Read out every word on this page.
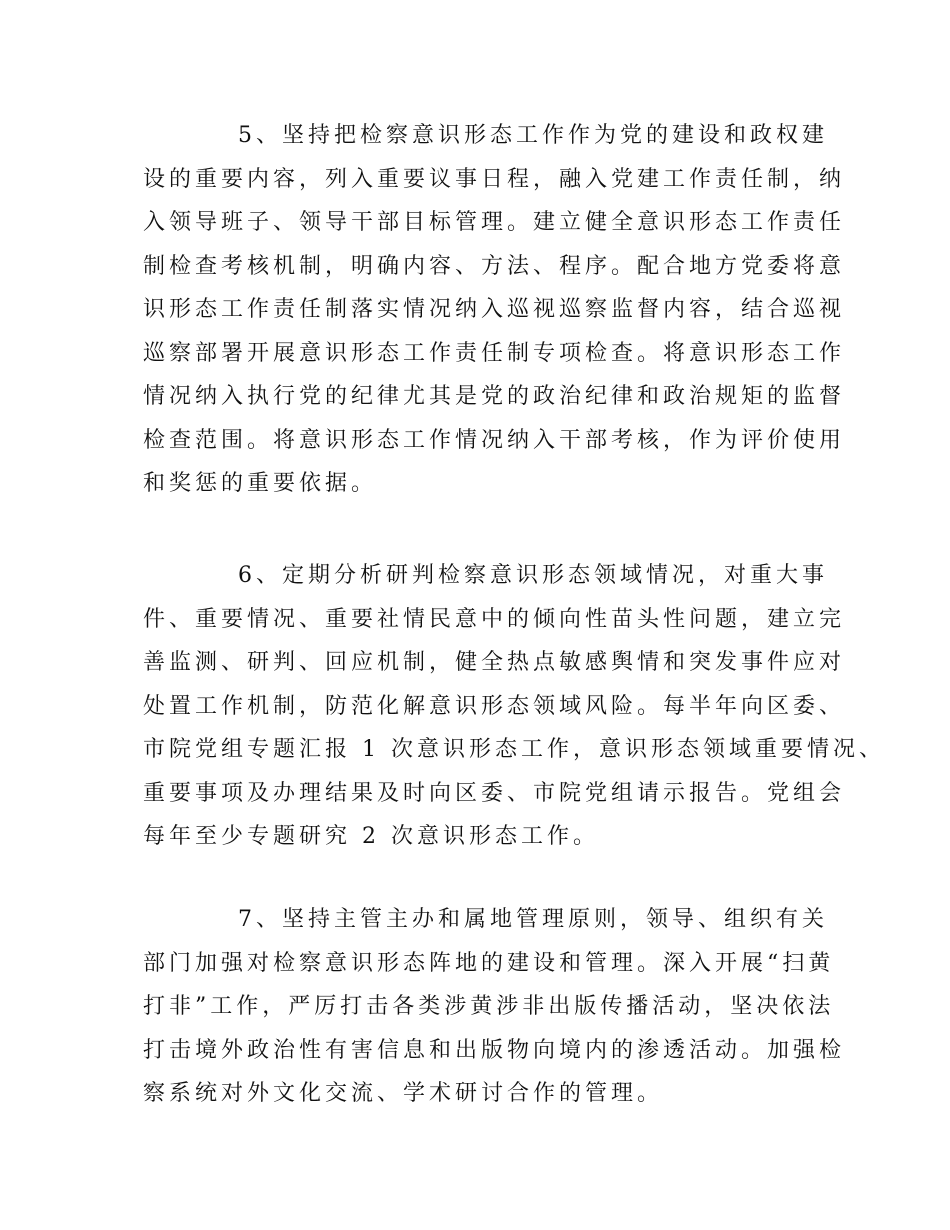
5、坚持把检察意识形态工作作为党的建设和政权建
设的重要内容，列入重要议事日程，融入党建工作责任制，纳
入领导班子、领导干部目标管理。建立健全意识形态工作责任
制检查考核机制，明确内容、方法、程序。配合地方党委将意
识形态工作责任制落实情况纳入巡视巡察监督内容，结合巡视
巡察部署开展意识形态工作责任制专项检查。将意识形态工作
情况纳入执行党的纪律尤其是党的政治纪律和政治规矩的监督
检查范围。将意识形态工作情况纳入干部考核，作为评价使用
和奖惩的重要依据。
6、定期分析研判检察意识形态领域情况，对重大事
件、重要情况、重要社情民意中的倾向性苗头性问题，建立完
善监测、研判、回应机制，健全热点敏感舆情和突发事件应对
处置工作机制，防范化解意识形态领域风险。每半年向区委、
市院党组专题汇报 1 次意识形态工作，意识形态领域重要情况、
重要事项及办理结果及时向区委、市院党组请示报告。党组会
每年至少专题研究 2 次意识形态工作。
7、坚持主管主办和属地管理原则，领导、组织有关
部门加强对检察意识形态阵地的建设和管理。深入开展“扫黄
打非”工作，严厉打击各类涉黄涉非出版传播活动，坚决依法
打击境外政治性有害信息和出版物向境内的渗透活动。加强检
察系统对外文化交流、学术研讨合作的管理。
